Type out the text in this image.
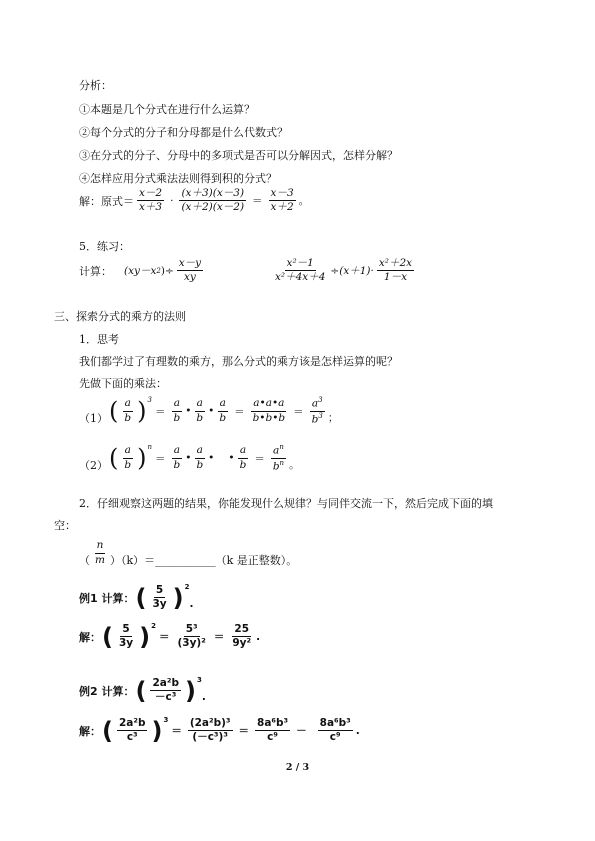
分析：
①本题是几个分式在进行什么运算？
②每个分式的分子和分母都是什么代数式？
③在分式的分子、分母中的多项式是否可以分解因式，怎样分解？
④怎样应用分式乘法法则得到积的分式？
解：原式＝ $\frac{x-2}{x+3} \cdot \frac{(x+3)(x-3)}{(x+2)(x-2)} = \frac{x-3}{x+2}$ 。
5．练习：
计算： (xy－x 2 )÷ $\frac{x-y}{xy}$	$\frac{\text{x²－1}}{\text{x²＋4x＋4}} \div(x+1)\cdot \frac{\text{x²＋2x}}{1-x}$
三、探索分式的乘方的法则
1．思考
我们都学过了有理数的乘方，那么分式的乘方该是怎样运算的呢？
先做下面的乘法：
（1） ( $\frac{a}{b}$ ) 3
＝ $\frac{a}{b}$ • $\frac{a}{b}$ • $\frac{a}{b} = \frac{a•a•a}{b•b•b} = \frac{a^3}{b^3}$ ；
（2） ( $\frac{a}{b}$ ) n
＝ $\frac{a}{b}$ • $\frac{a}{b}$ • • $\frac{a}{b} = \frac{a^n}{b^n}$ 。
2．仔细观察这两题的结果，你能发现什么规律？与同伴交流一下，然后完成下面的填
空：
（ $\frac{n}{m} )(k)=$ ___________ （k 是正整数）。
例1 计算： ( $\frac{5}{3y}$ ) 2
.
解： ( $\frac{5}{3y}$ ) 2
＝ $\frac{\text{5³}}{\text{(3y)²}} = \frac{25}{\text{9y²}}$ .
例2 计算： ( $\frac{\text{2a²b}}{\text{－c³}}$ ) 3
.
解： ( $\frac{\text{2a²b}}{\text{c³}}$ ) 3
＝ $\frac{\text{(2a²b)³}}{\text{(－c³)³}} = \frac{\text{8a⁶b³}}{\text{c⁹}} - \frac{\text{8a⁶b³}}{\text{c⁹}}$ .
2 / 3
